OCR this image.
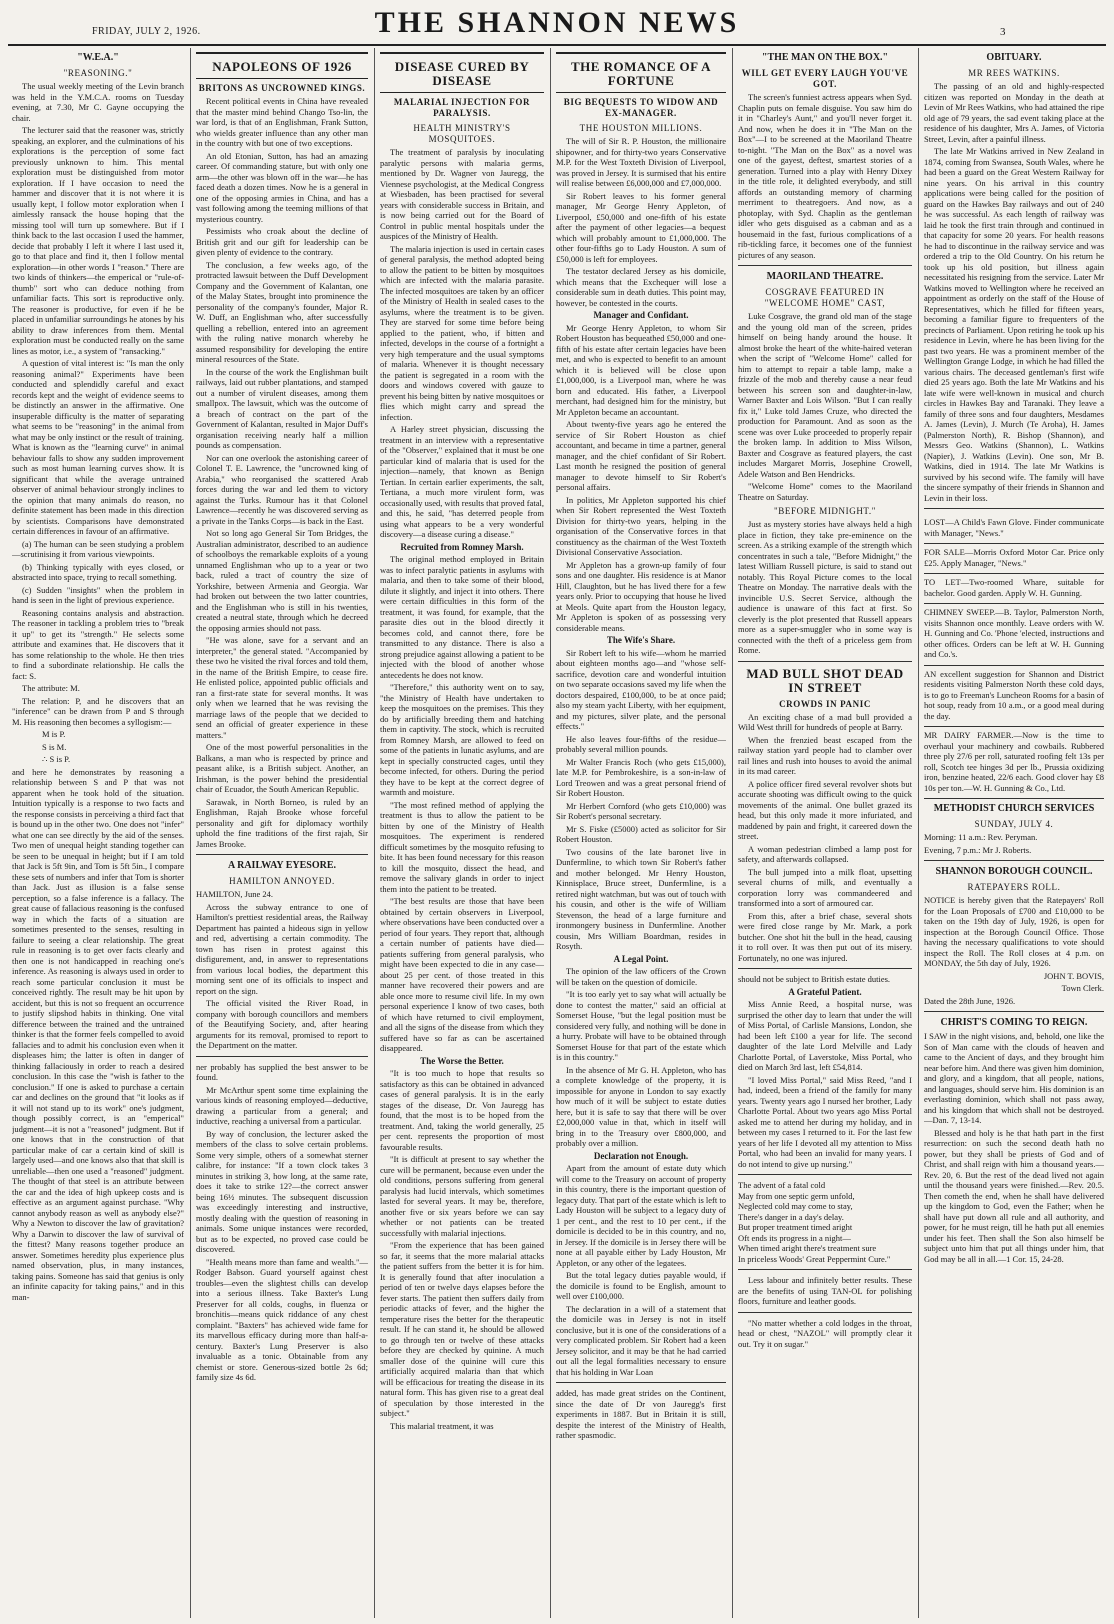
FRIDAY, JULY 2, 1926.	THE SHANNON NEWS	3
"W.E.A."
"REASONING."

The usual weekly meeting of the Levin branch was held in the Y.M.C.A. rooms on Tuesday evening, at 7.30, Mr C. Gayne occupying the chair.

The lecturer said that the reasoner was, strictly speaking, an explorer, and the culminations of his explorations is the perception of some fact previously unknown to him. This mental exploration must be distinguished from motor exploration. If I have occasion to need the hammer and discover that it is not where it is usually kept, I follow motor exploration when I aimlessly ransack the house hoping that the missing tool will turn up somewhere. But if I think back to the last occasion I used the hammer, decide that probably I left it where I last used it, go to that place and find it, then I follow mental exploration—in other words I "reason." There are two kinds of thinkers—the emperical or "rule-of-thumb" sort who can deduce nothing from unfamiliar facts. This sort is reproductive only. The reasoner is productive, for even if he be placed in unfamiliar surroundings he atones by his ability to draw inferences from them. Mental exploration must be conducted really on the same lines as motor, i.e., a system of "ransacking."

A question of vital interest is: "Is man the only reasoning animal?" Experiments have been conducted and splendidly careful and exact records kept and the weight of evidence seems to be distinctly an answer in the affirmative. One insuperable difficulty is the matter of separating what seems to be "reasoning" in the animal from what may be only instinct or the result of training. What is known as the "learning curve" in animal behaviour falls to show any sudden improvement such as most human learning curves show. It is significant that while the average untrained observer of animal behaviour strongly inclines to the opinion that many animals do reason, no definite statement has been made in this direction by scientists. Comparisons have demonstrated certain differences in favour of an affirmative.

(a) The human can be seen studying a problem—scrutinising it from various viewpoints.

(b) Thinking typically with eyes closed, or abstracted into space, trying to recall something.

(c) Sudden "insights" when the problem in hand is seen in the light of previous experience.

Reasoning contains analysis and abstraction. The reasoner in tackling a problem tries to "break it up" to get its "strength." He selects some attribute and examines that. He discovers that it has some relationship to the whole. He then tries to find a subordinate relationship. He calls the fact: S.

The attribute: M.

The relation: P, and he discovers that an "inference" can be drawn from P and S through M. His reasoning then becomes a syllogism:—

M is P.

S is M.

∴ S is P.

and here he demonstrates by reasoning a relationship between S and P that was not apparent when he took hold of the situation. Intuition typically is a response to two facts and the response consists in perceiving a third fact that is bound up in the other two. One does not "infer" what one can see directly by the aid of the senses. Two men of unequal height standing together can be seen to be unequal in height; but if I am told that Jack is 5ft 9in, and Tom is 5ft 5in., I compare these sets of numbers and infer that Tom is shorter than Jack. Just as illusion is a false sense perception, so a false inference is a fallacy. The great cause of fallacious reasoning is the confused way in which the facts of a situation are sometimes presented to the senses, resulting in failure to seeing a clear relationship. The great rule in reasoning is to get over facts clearly and then one is not handicapped in reaching one's inference. As reasoning is always used in order to reach some particular conclusion it must be conceived rightly. The result may be hit upon by accident, but this is not so frequent an occurrence to justify slipshod habits in thinking. One vital difference between the trained and the untrained thinker is that the former feels compelled to avoid fallacies and to admit his conclusion even when it displeases him; the latter is often in danger of thinking fallaciously in order to reach a desired conclusion. In this case the "wish is father to the conclusion." If one is asked to purchase a certain car and declines on the ground that "it looks as if it will not stand up to its work" one's judgment, though possibly correct, is an "emperical" judgment—it is not a "reasoned" judgment. But if one knows that in the construction of that particular make of car a certain kind of skill is largely used—and one knows also that that skill is unreliable—then one used a "reasoned" judgment. The thought of that steel is an attribute between the car and the idea of high upkeep costs and is effective as an argument against purchase. "Why cannot anybody reason as well as anybody else?" Why a Newton to discover the law of gravitation? Why a Darwin to discover the law of survival of the fittest? Many reasons together produce an answer. Sometimes heredity plus experience plus named observation, plus, in many instances, taking pains. Someone has said that genius is only an infinite capacity for taking pains," and in this man-

NAPOLEONS OF 1926
BRITONS AS UNCROWNED KINGS.

Recent political events in China have revealed that the master mind behind Chango Tso-lin, the war lord, is that of an Englishman, Frank Sutton, who wields greater influence than any other man in the country with but one of two exceptions.

An old Etonian, Sutton, has had an amazing career. Of commanding stature, but with only one arm—the other was blown off in the war—he has faced death a dozen times. Now he is a general in one of the opposing armies in China, and has a vast following among the teeming millions of that mysterious country.

Pessimists who croak about the decline of British grit and our gift for leadership can be given plenty of evidence to the contrary.

The conclusion, a few weeks ago, of the protracted lawsuit between the Duff Development Company and the Government of Kalantan, one of the Malay States, brought into prominence the personality of the company's founder, Major R. W. Duff, an Englishman who, after successfully quelling a rebellion, entered into an agreement with the ruling native monarch whereby he assumed responsibility for developing the entire mineral resources of the State.

In the course of the work the Englishman built railways, laid out rubber plantations, and stamped out a number of virulent diseases, among them smallpox. The lawsuit, which was the outcome of a breach of contract on the part of the Government of Kalantan, resulted in Major Duff's organisation receiving nearly half a million pounds as compensation.

Nor can one overlook the astonishing career of Colonel T. E. Lawrence, the "uncrowned king of Arabia," who reorganised the scattered Arab forces during the war and led them to victory against the Turks. Rumour has it that Colonel Lawrence—recently he was discovered serving as a private in the Tanks Corps—is back in the East.

Not so long ago General Sir Tom Bridges, the Australian administrator, described to an audience of schoolboys the remarkable exploits of a young unnamed Englishman who up to a year or two back, ruled a tract of country the size of Yorkshire, between Armenia and Georgia. War had broken out between the two latter countries, and the Englishman who is still in his twenties, created a neutral state, through which he decreed the opposing armies should not pass.

"He was alone, save for a servant and an interpreter," the general stated. "Accompanied by these two he visited the rival forces and told them, in the name of the British Empire, to cease fire. He enlisted police, appointed public officials and ran a first-rate state for several months. It was only when we learned that he was revising the marriage laws of the people that we decided to send an official of greater experience in these matters."

One of the most powerful personalities in the Balkans, a man who is respected by prince and peasant alike, is a British subject. Another, an Irishman, is the power behind the presidential chair of Ecuador, the South American Republic.

Sarawak, in North Borneo, is ruled by an Englishman, Rajah Brooke whose forceful personality and gift for diplomacy worthily uphold the fine traditions of the first rajah, Sir James Brooke.

A RAILWAY EYESORE.
HAMILTON ANNOYED.

HAMILTON, June 24.

Across the subway entrance to one of Hamilton's prettiest residential areas, the Railway Department has painted a hideous sign in yellow and red, advertising a certain commodity. The town has risen in protest against this disfigurement, and, in answer to representations from various local bodies, the department this morning sent one of its officials to inspect and report on the sign.

The official visited the River Road, in company with borough councillors and members of the Beautifying Society, and, after hearing arguments for its removal, promised to report to the Department on the matter.

ner probably has supplied the best answer to be found.

Mr McArthur spent some time explaining the various kinds of reasoning employed—deductive, drawing a particular from a general; and inductive, reaching a universal from a particular.

By way of conclusion, the lecturer asked the members of the class to solve certain problems. Some very simple, others of a somewhat sterner calibre, for instance: "If a town clock takes 3 minutes in striking 3, how long, at the same rate, does it take to strike 12?—the correct answer being 16½ minutes. The subsequent discussion was exceedingly interesting and instructive, mostly dealing with the question of reasoning in animals. Some unique instances were recorded, but as to be expected, no proved case could be discovered.

"Health means more than fame and wealth."—Rodger Babson. Guard yourself against chest troubles—even the slightest chills can develop into a serious illness. Take Baxter's Lung Preserver for all colds, coughs, in fluenza or bronchitis—means quick riddance of any chest complaint. "Baxters" has achieved wide fame for its marvellous efficacy during more than half-a-century. Baxter's Lung Preserver is also invaluable as a tonic. Obtainable from any chemist or store. Generous-sized bottle 2s 6d; family size 4s 6d.

DISEASE CURED BY DISEASE
MALARIAL INJECTION FOR PARALYSIS.
HEALTH MINISTRY'S MOSQUITOES.

The treatment of paralysis by inoculating paralytic persons with malaria germs, mentioned by Dr. Wagner von Jauregg, the Viennese psychologist, at the Medical Congress at Wiesbaden, has been practised for several years with considerable success in Britain, and is now being carried out for the Board of Control in public mental hospitals under the auspices of the Ministry of Health.

The malaria injection is used in certain cases of general paralysis, the method adopted being to allow the patient to be bitten by mosquitoes which are infected with the malaria parasite. The infected mosquitoes are taken by an officer of the Ministry of Health in sealed cases to the asylums, where the treatment is to be given. They are starved for some time before being applied to the patient, who, if bitten and infected, develops in the course of a fortnight a very high temperature and the usual symptoms of malaria. Whenever it is thought necessary the patient is segregated in a room with the doors and windows covered with gauze to prevent his being bitten by native mosquitoes or flies which might carry and spread the infection.

A Harley street physician, discussing the treatment in an interview with a representative of the "Observer," explained that it must be one particular kind of malaria that is used for the injection—namely, that known as Benign Tertian. In certain earlier experiments, the salt, Tertiana, a much more virulent form, was occasionally used, with results that proved fatal, and this, he said, "has deterred people from using what appears to be a very wonderful discovery—a disease curing a disease."

Recruited from Romney Marsh.

The original method employed in Britain was to infect paralytic patients in asylums with malaria, and then to take some of their blood, dilute it slightly, and inject it into others. There were certain difficulties in this form of the treatment, it was found, for example, that the parasite dies out in the blood directly it becomes cold, and cannot there, fore be transmitted to any distance. There is also a strong prejudice against allowing a patient to be injected with the blood of another whose antecedents he does not know.

"Therefore," this authority went on to say, "the Ministry of Health have undertaken to keep the mosquitoes on the premises. This they do by artificially breeding them and hatching them in captivity. The stock, which is recruited from Romney Marsh, are allowed to feed on some of the patients in lunatic asylums, and are kept in specially constructed cages, until they become infected, for others. During the period they have to be kept at the correct degree of warmth and moisture.

"The most refined method of applying the treatment is thus to allow the patient to be bitten by one of the Ministry of Health mosquitoes. The experiment is rendered difficult sometimes by the mosquito refusing to bite. It has been found necessary for this reason to kill the mosquito, dissect the head, and remove the salivary glands in order to inject them into the patient to be treated.

"The best results are those that have been obtained by certain observers in Liverpool, where observations have been conducted over a period of four years. They report that, although a certain number of patients have died—patients suffering from general paralysis, who might have been expected to die in any case—about 25 per cent. of those treated in this manner have recovered their powers and are able once more to resume civil life. In my own personal experience I know of two cases, both of which have returned to civil employment, and all the signs of the disease from which they suffered have so far as can be ascertained disappeared.

The Worse the Better.

"It is too much to hope that results so satisfactory as this can be obtained in advanced cases of general paralysis. It is in the early stages of the disease, Dr. Von Jauregg has found, that the most is to be hoped from the treatment. And, taking the world generally, 25 per cent. represents the proportion of most favourable results.

"It is difficult at present to say whether the cure will be permanent, because even under the old conditions, persons suffering from general paralysis had lucid intervals, which sometimes lasted for several years. It may be, therefore, another five or six years before we can say whether or not patients can be treated successfully with malarial injections.

"From the experience that has been gained so far, it seems that the more malarial attacks the patient suffers from the better it is for him. It is generally found that after inoculation a period of ten or twelve days elapses before the fever starts. The patient then suffers daily from periodic attacks of fever, and the higher the temperature rises the better for the therapeutic result. If he can stand it, he should be allowed to go through ten or twelve of these attacks before they are checked by quinine. A much smaller dose of the quinine will cure this artificially acquired malaria than that which will be efficacious for treating the disease in its natural form. This has given rise to a great deal of speculation by those interested in the subject."

This malarial treatment, it was

THE ROMANCE OF A FORTUNE
BIG BEQUESTS TO WIDOW AND EX-MANAGER.
THE HOUSTON MILLIONS.

The will of Sir R. P. Houston, the millionaire shipowner, and for thirty-two years Conservative M.P. for the West Toxteth Division of Liverpool, was proved in Jersey. It is surmised that his entire will realise between £6,000,000 and £7,000,000.

Sir Robert leaves to his former general manager, Mr George Henry Appleton, of Liverpool, £50,000 and one-fifth of his estate after the payment of other legacies—a bequest which will probably amount to £1,000,000. The other four-fifths go to Lady Houston. A sum of £50,000 is left for employees.

The testator declared Jersey as his domicile, which means that the Exchequer will lose a considerable sum in death duties. This point may, however, be contested in the courts.

Manager and Confidant.

Mr George Henry Appleton, to whom Sir Robert Houston has bequeathed £50,000 and one-fifth of his estate after certain legacies have been met, and who is expected to benefit to an amount which it is believed will be close upon £1,000,000, is a Liverpool man, where he was born and educated. His father, a Liverpool merchant, had designed him for the ministry, but Mr Appleton became an accountant.

About twenty-five years ago he entered the service of Sir Robert Houston as chief accountant, and became in time a partner, general manager, and the chief confidant of Sir Robert. Last month he resigned the position of general manager to devote himself to Sir Robert's personal affairs.

In politics, Mr Appleton supported his chief when Sir Robert represented the West Toxteth Division for thirty-two years, helping in the organisation of the Conservative forces in that constituency as the chairman of the West Toxteth Divisional Conservative Association.

Mr Appleton has a grown-up family of four sons and one daughter. His residence is at Manor Hill, Claughton, but he has lived there for a few years only. Prior to occupying that house he lived at Meols. Quite apart from the Houston legacy, Mr Appleton is spoken of as possessing very considerable means.

The Wife's Share.

Sir Robert left to his wife—whom he married about eighteen months ago—and "whose self-sacrifice, devotion care and wonderful intuition on two separate occasions saved my life when the doctors despaired, £100,000, to be at once paid; also my steam yacht Liberty, with her equipment, and my pictures, silver plate, and the personal effects."

He also leaves four-fifths of the residue—probably several million pounds.

Mr Walter Francis Roch (who gets £15,000), late M.P. for Pembrokeshire, is a son-in-law of Lord Treowen and was a great personal friend of Sir Robert Houston.

Mr Herbert Cornford (who gets £10,000) was Sir Robert's personal secretary.

Mr S. Fiske (£5000) acted as solicitor for Sir Robert Houston.

Two cousins of the late baronet live in Dunfermline, to which town Sir Robert's father and mother belonged. Mr Henry Houston, Kinnisplace, Bruce street, Dunfermline, is a retired night watchman, but was out of touch with his cousin, and other is the wife of William Stevenson, the head of a large furniture and ironmongery business in Dunfermline. Another cousin, Mrs William Boardman, resides in Rosyth.

A Legal Point.

The opinion of the law officers of the Crown will be taken on the question of domicile.

"It is too early yet to say what will actually be done to contest the matter," said an official at Somerset House, "but the legal position must be considered very fully, and nothing will be done in a hurry. Probate will have to be obtained through Somerset House for that part of the estate which is in this country."

In the absence of Mr G. H. Appleton, who has a complete knowledge of the property, it is impossible for anyone in London to say exactly how much of it will be subject to estate duties here, but it is safe to say that there will be over £2,000,000 value in that, which in itself will bring in to the Treasury over £800,000, and probably over a million.

Declaration not Enough.

Apart from the amount of estate duty which will come to the Treasury on account of property in this country, there is the important question of legacy duty. That part of the estate which is left to Lady Houston will be subject to a legacy duty of 1 per cent., and the rest to 10 per cent., if the domicile is decided to be in this country, and no, in Jersey. If the domicile is in Jersey there will be none at all payable either by Lady Houston, Mr Appleton, or any other of the legatees.

But the total legacy duties payable would, if the domicile is found to be English, amount to well over £100,000.

The declaration in a will of a statement that the domicile was in Jersey is not in itself conclusive, but it is one of the considerations of a very complicated problem. Sir Robert had a keen Jersey solicitor, and it may be that he had carried out all the legal formalities necessary to ensure that his holding in War Loan

added, has made great strides on the Continent, since the date of Dr von Jauregg's first experiments in 1887. But in Britain it is still, despite the interest of the Ministry of Health, rather spasmodic.

"THE MAN ON THE BOX."
WILL GET EVERY LAUGH YOU'VE GOT.

The screen's funniest actress appears when Syd. Chaplin puts on female disguise. You saw him do it in "Charley's Aunt," and you'll never forget it. And now, when he does it in "The Man on the Box"—I to be screened at the Maoriland Theatre to-night. "The Man on the Box" as a novel was one of the gayest, deftest, smartest stories of a generation. Turned into a play with Henry Dixey in the title role, it delighted everybody, and still affords an outstanding memory of charming merriment to theatregoers. And now, as a photoplay, with Syd. Chaplin as the gentleman idler who gets disguised as a cabman and as a housemaid in the fast, furious complications of a rib-tickling farce, it becomes one of the funniest pictures of any season.

MAORILAND THEATRE.
COSGRAVE FEATURED IN "WELCOME HOME" CAST,

Luke Cosgrave, the grand old man of the stage and the young old man of the screen, prides himself on being handy around the house. It almost broke the heart of the white-haired veteran when the script of "Welcome Home" called for him to attempt to repair a table lamp, make a frizzle of the mob and thereby cause a near feud between his screen son and daughter-in-law, Warner Baxter and Lois Wilson. "But I can really fix it," Luke told James Cruze, who directed the production for Paramount. And as soon as the scene was over Luke proceeded to properly repair the broken lamp. In addition to Miss Wilson, Baxter and Cosgrave as featured players, the cast includes Margaret Morris, Josephine Crowell, Adele Watson and Ben Hendricks.

"Welcome Home" comes to the Maoriland Theatre on Saturday.

"BEFORE MIDNIGHT."

Just as mystery stories have always held a high place in fiction, they take pre-eminence on the screen. As a striking example of the strength which concentrates in such a tale, "Before Midnight," the latest William Russell picture, is said to stand out notably. This Royal Picture comes to the local Theatre on Monday. The narrative deals with the invincible U.S. Secret Service, although the audience is unaware of this fact at first. So cleverly is the plot presented that Russell appears more as a super-smuggler who in some way is connected with the theft of a priceless gem from Rome.

MAD BULL SHOT DEAD IN STREET
CROWDS IN PANIC

An exciting chase of a mad bull provided a Wild West thrill for hundreds of people at Barry.

When the frenzied beast escaped from the railway station yard people had to clamber over rail lines and rush into houses to avoid the animal in its mad career.

A police officer fired several revolver shots but accurate shooting was difficult owing to the quick movements of the animal. One bullet grazed its head, but this only made it more infuriated, and maddened by pain and fright, it careered down the street.

A woman pedestrian climbed a lamp post for safety, and afterwards collapsed.

The bull jumped into a milk float, upsetting several churns of milk, and eventually a corporation lorry was commandeered and transformed into a sort of armoured car.

From this, after a brief chase, several shots were fired close range by Mr. Mark, a pork butcher. One shot hit the bull in the head, causing it to roll over. It was then put out of its misery. Fortunately, no one was injured.

should not be subject to British estate duties.

A Grateful Patient.

Miss Annie Reed, a hospital nurse, was surprised the other day to learn that under the will of Miss Portal, of Carlisle Mansions, London, she had been left £100 a year for life. The second daughter of the late Lord Melville and Lady Charlotte Portal, of Laverstoke, Miss Portal, who died on March 3rd last, left £54,814.

"I loved Miss Portal," said Miss Reed, "and I had, indeed, been a friend of the family for many years. Twenty years ago I nursed her brother, Lady Charlotte Portal. About two years ago Miss Portal asked me to attend her during my holiday, and in between my cases I returned to it. For the last few years of her life I devoted all my attention to Miss Portal, who had been an invalid for many years. I do not intend to give up nursing."

The advent of a fatal cold

May from one septic germ unfold,

Neglected cold may come to stay,

There's danger in a day's delay.

But proper treatment timed aright

Oft ends its progress in a night—

When timed aright there's treatment sure

In priceless Woods' Great Peppermint Cure."

Less labour and infinitely better results. These are the benefits of using TAN-OL for polishing floors, furniture and leather goods.

"No matter whether a cold lodges in the throat, head or chest, "NAZOL" will promptly clear it out. Try it on sugar."

OBITUARY.
MR REES WATKINS.

The passing of an old and highly-respected citizen was reported on Monday in the death at Levin of Mr Rees Watkins, who had attained the ripe old age of 79 years, the sad event taking place at the residence of his daughter, Mrs A. James, of Victoria Street, Levin, after a painful illness.

The late Mr Watkins arrived in New Zealand in 1874, coming from Swansea, South Wales, where he had been a guard on the Great Western Railway for nine years. On his arrival in this country applications were being called for the position of guard on the Hawkes Bay railways and out of 240 he was successful. As each length of railway was laid he took the first train through and continued in that capacity for some 20 years. For health reasons he had to discontinue in the railway service and was ordered a trip to the Old Country. On his return he took up his old position, but illness again necessitated his resigning from the service. Later Mr Watkins moved to Wellington where he received an appointment as orderly on the staff of the House of Representatives, which he filled for fifteen years, becoming a familiar figure to frequenters of the precincts of Parliament. Upon retiring he took up his residence in Levin, where he has been living for the past two years. He was a prominent member of the Wellington Grange Lodge, in which he had filled the various chairs. The deceased gentleman's first wife died 25 years ago. Both the late Mr Watkins and his late wife were well-known in musical and church circles in Hawkes Bay and Taranaki. They leave a family of three sons and four daughters, Mesdames A. James (Levin), J. Murch (Te Aroha), H. James (Palmerston North), R. Bishop (Shannon), and Messrs Geo. Watkins (Shannon), L. Watkins (Napier), J. Watkins (Levin). One son, Mr B. Watkins, died in 1914. The late Mr Watkins is survived by his second wife. The family will have the sincere sympathy of their friends in Shannon and Levin in their loss.

LOST—A Child's Fawn Glove. Finder communicate with Manager, "News."

FOR SALE—Morris Oxford Motor Car. Price only £25. Apply Manager, "News."

TO LET—Two-roomed Whare, suitable for bachelor. Good garden. Apply W. H. Gunning.

CHIMNEY SWEEP.—B. Taylor, Palmerston North, visits Shannon once monthly. Leave orders with W. H. Gunning and Co. 'Phone 'elected, instructions and other offices. Orders can be left at W. H. Gunning and Co.'s.

AN excellent suggestion for Shannon and District residents visiting Palmerston North these cold days, is to go to Freeman's Luncheon Rooms for a basin of hot soup, ready from 10 a.m., or a good meal during the day.

MR DAIRY FARMER.—Now is the time to overhaul your machinery and cowbails. Rubbered three ply 27/6 per roll, saturated roofing felt 13s per roll, Scotch tee hinges 3d per lb., Prussia oxidizing iron, benzine heated, 22/6 each. Good clover hay £8 10s per ton.—W. H. Gunning & Co., Ltd.

METHODIST CHURCH SERVICES
SUNDAY, JULY 4.

Morning: 11 a.m.: Rev. Peryman.

Evening, 7 p.m.: Mr J. Roberts.

SHANNON BOROUGH COUNCIL.
RATEPAYERS ROLL.

NOTICE is hereby given that the Ratepayers' Roll for the Loan Proposals of £700 and £10,000 to be taken on the 19th day of July, 1926, is open for inspection at the Borough Council Office. Those having the necessary qualifications to vote should inspect the Roll. The Roll closes at 4 p.m. on MONDAY, the 5th day of July, 1926.

JOHN T. BOVIS,

Town Clerk.

Dated the 28th June, 1926.

CHRIST'S COMING TO REIGN.

I SAW in the night visions, and, behold, one like the Son of Man came with the clouds of heaven and came to the Ancient of days, and they brought him near before him. And there was given him dominion, and glory, and a kingdom, that all people, nations, and languages, should serve him. His dominion is an everlasting dominion, which shall not pass away, and his kingdom that which shall not be destroyed.—Dan. 7, 13-14.

Blessed and holy is he that hath part in the first resurrection: on such the second death hath no power, but they shall be priests of God and of Christ, and shall reign with him a thousand years.—Rev. 20, 6. But the rest of the dead lived not again until the thousand years were finished.—Rev. 20.5. Then cometh the end, when he shall have delivered up the kingdom to God, even the Father; when he shall have put down all rule and all authority, and power, for he must reign, till he hath put all enemies under his feet. Then shall the Son also himself be subject unto him that put all things under him, that God may be all in all.—1 Cor. 15, 24-28.
